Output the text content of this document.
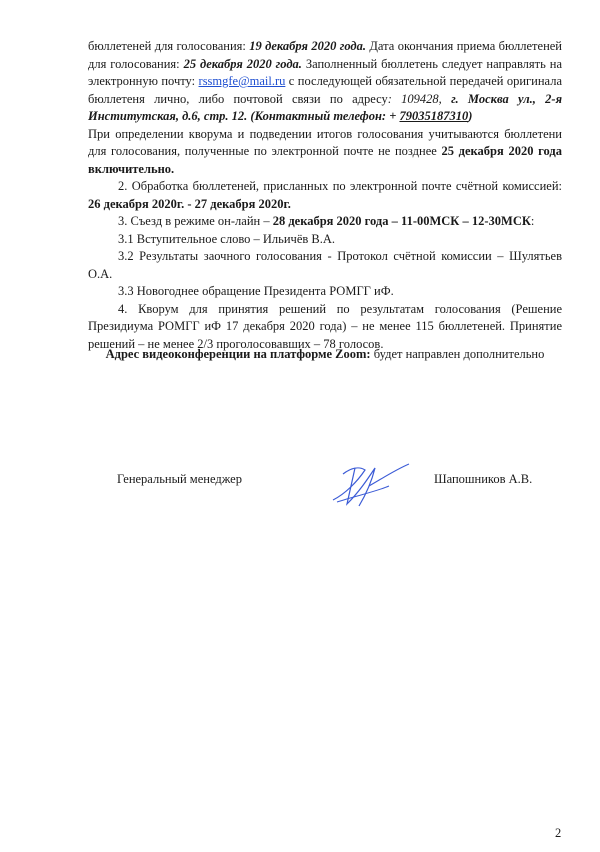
бюллетеней для голосования: 19 декабря 2020 года. Дата окончания приема бюллетеней для голосования: 25 декабря 2020 года. Заполненный бюллетень следует направлять на электронную почту: rssmgfe@mail.ru с последующей обязательной передачей оригинала бюллетеня лично, либо почтовой связи по адресу: 109428, г. Москва ул., 2-я Институтская, д.6, стр. 12. (Контактный телефон: + 79035187310)

При определении кворума и подведении итогов голосования учитываются бюллетени для голосования, полученные по электронной почте не позднее 25 декабря 2020 года включительно.

2. Обработка бюллетеней, присланных по электронной почте счётной комиссией: 26 декабря 2020г. - 27 декабря 2020г.

3. Съезд в режиме он-лайн – 28 декабря 2020 года – 11-00МСК – 12-30МСК:

3.1 Вступительное слово – Ильичёв В.А.

3.2 Результаты заочного голосования - Протокол счётной комиссии – Шулятьев О.А.

3.3 Новогоднее обращение Президента РОМГГ иФ.

4. Кворум для принятия решений по результатам голосования (Решение Президиума РОМГГ иФ 17 декабря 2020 года) – не менее 115 бюллетеней. Принятие решений – не менее 2/3 проголосовавших – 78 голосов.

Адрес видеоконференции на платформе Zoom: будет направлен дополнительно
Генеральный менеджер	Шапошников А.В.
2
